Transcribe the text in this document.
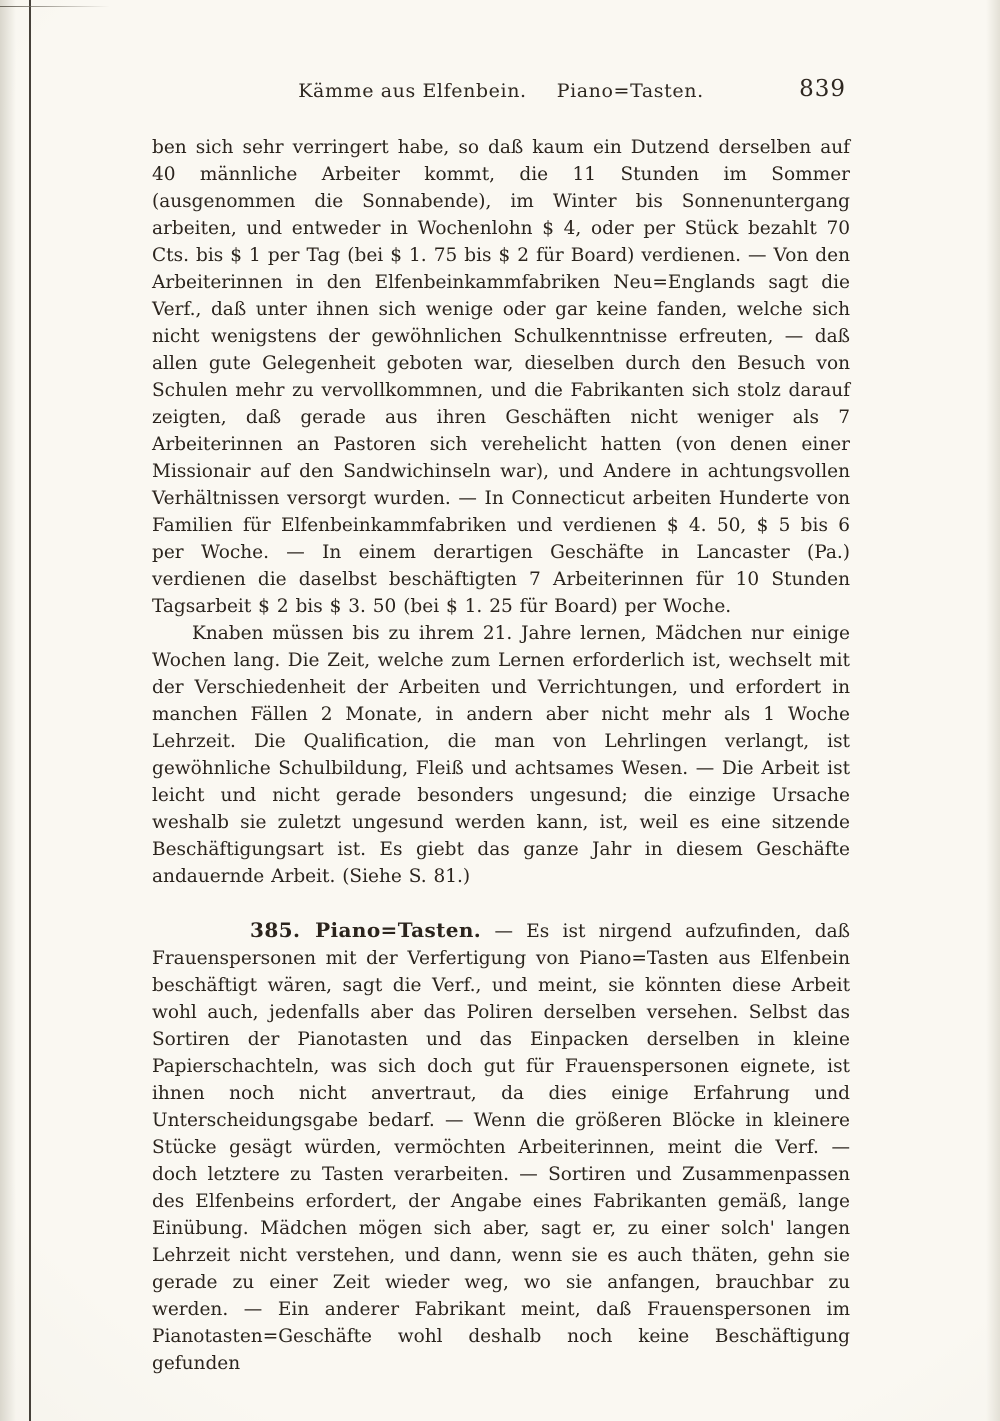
Kämme aus Elfenbein. Piano=Tasten.	839

ben sich sehr verringert habe, so daß kaum ein Dutzend derselben auf 40 männliche Arbeiter kommt, die 11 Stunden im Sommer (ausgenommen die Sonnabende), im Winter bis Sonnenuntergang arbeiten, und entweder in Wochenlohn $ 4, oder per Stück bezahlt 70 Cts. bis $ 1 per Tag (bei $ 1. 75 bis $ 2 für Board) verdienen. — Von den Arbeiterinnen in den Elfenbeinkammfabriken Neu=Englands sagt die Verf., daß unter ihnen sich wenige oder gar keine fanden, welche sich nicht wenigstens der gewöhnlichen Schulkenntnisse erfreuten, — daß allen gute Gelegenheit geboten war, dieselben durch den Besuch von Schulen mehr zu vervollkommnen, und die Fabrikanten sich stolz darauf zeigten, daß gerade aus ihren Geschäften nicht weniger als 7 Arbeiterinnen an Pastoren sich verehelicht hatten (von denen einer Missionair auf den Sandwichinseln war), und Andere in achtungsvollen Verhältnissen versorgt wurden. — In Connecticut arbeiten Hunderte von Familien für Elfenbeinkammfabriken und verdienen $ 4. 50, $ 5 bis 6 per Woche. — In einem derartigen Geschäfte in Lancaster (Pa.) verdienen die daselbst beschäftigten 7 Arbeiterinnen für 10 Stunden Tagsarbeit $ 2 bis $ 3. 50 (bei $ 1. 25 für Board) per Woche.

Knaben müssen bis zu ihrem 21. Jahre lernen, Mädchen nur einige Wochen lang. Die Zeit, welche zum Lernen erforderlich ist, wechselt mit der Verschiedenheit der Arbeiten und Verrichtungen, und erfordert in manchen Fällen 2 Monate, in andern aber nicht mehr als 1 Woche Lehrzeit. Die Qualification, die man von Lehrlingen verlangt, ist gewöhnliche Schulbildung, Fleiß und achtsames Wesen. — Die Arbeit ist leicht und nicht gerade besonders ungesund; die einzige Ursache weshalb sie zuletzt ungesund werden kann, ist, weil es eine sitzende Beschäftigungsart ist. Es giebt das ganze Jahr in diesem Geschäfte andauernde Arbeit. (Siehe S. 81.)

385. Piano=Tasten. — Es ist nirgend aufzufinden, daß Frauenspersonen mit der Verfertigung von Piano=Tasten aus Elfenbein beschäftigt wären, sagt die Verf., und meint, sie könnten diese Arbeit wohl auch, jedenfalls aber das Poliren derselben versehen. Selbst das Sortiren der Pianotasten und das Einpacken derselben in kleine Papierschachteln, was sich doch gut für Frauenspersonen eignete, ist ihnen noch nicht anvertraut, da dies einige Erfahrung und Unterscheidungsgabe bedarf. — Wenn die größeren Blöcke in kleinere Stücke gesägt würden, vermöchten Arbeiterinnen, meint die Verf. — doch letztere zu Tasten verarbeiten. — Sortiren und Zusammenpassen des Elfenbeins erfordert, der Angabe eines Fabrikanten gemäß, lange Einübung. Mädchen mögen sich aber, sagt er, zu einer solch' langen Lehrzeit nicht verstehen, und dann, wenn sie es auch thäten, gehn sie gerade zu einer Zeit wieder weg, wo sie anfangen, brauchbar zu werden. — Ein anderer Fabrikant meint, daß Frauenspersonen im Pianotasten=Geschäfte wohl deshalb noch keine Beschäftigung gefunden
